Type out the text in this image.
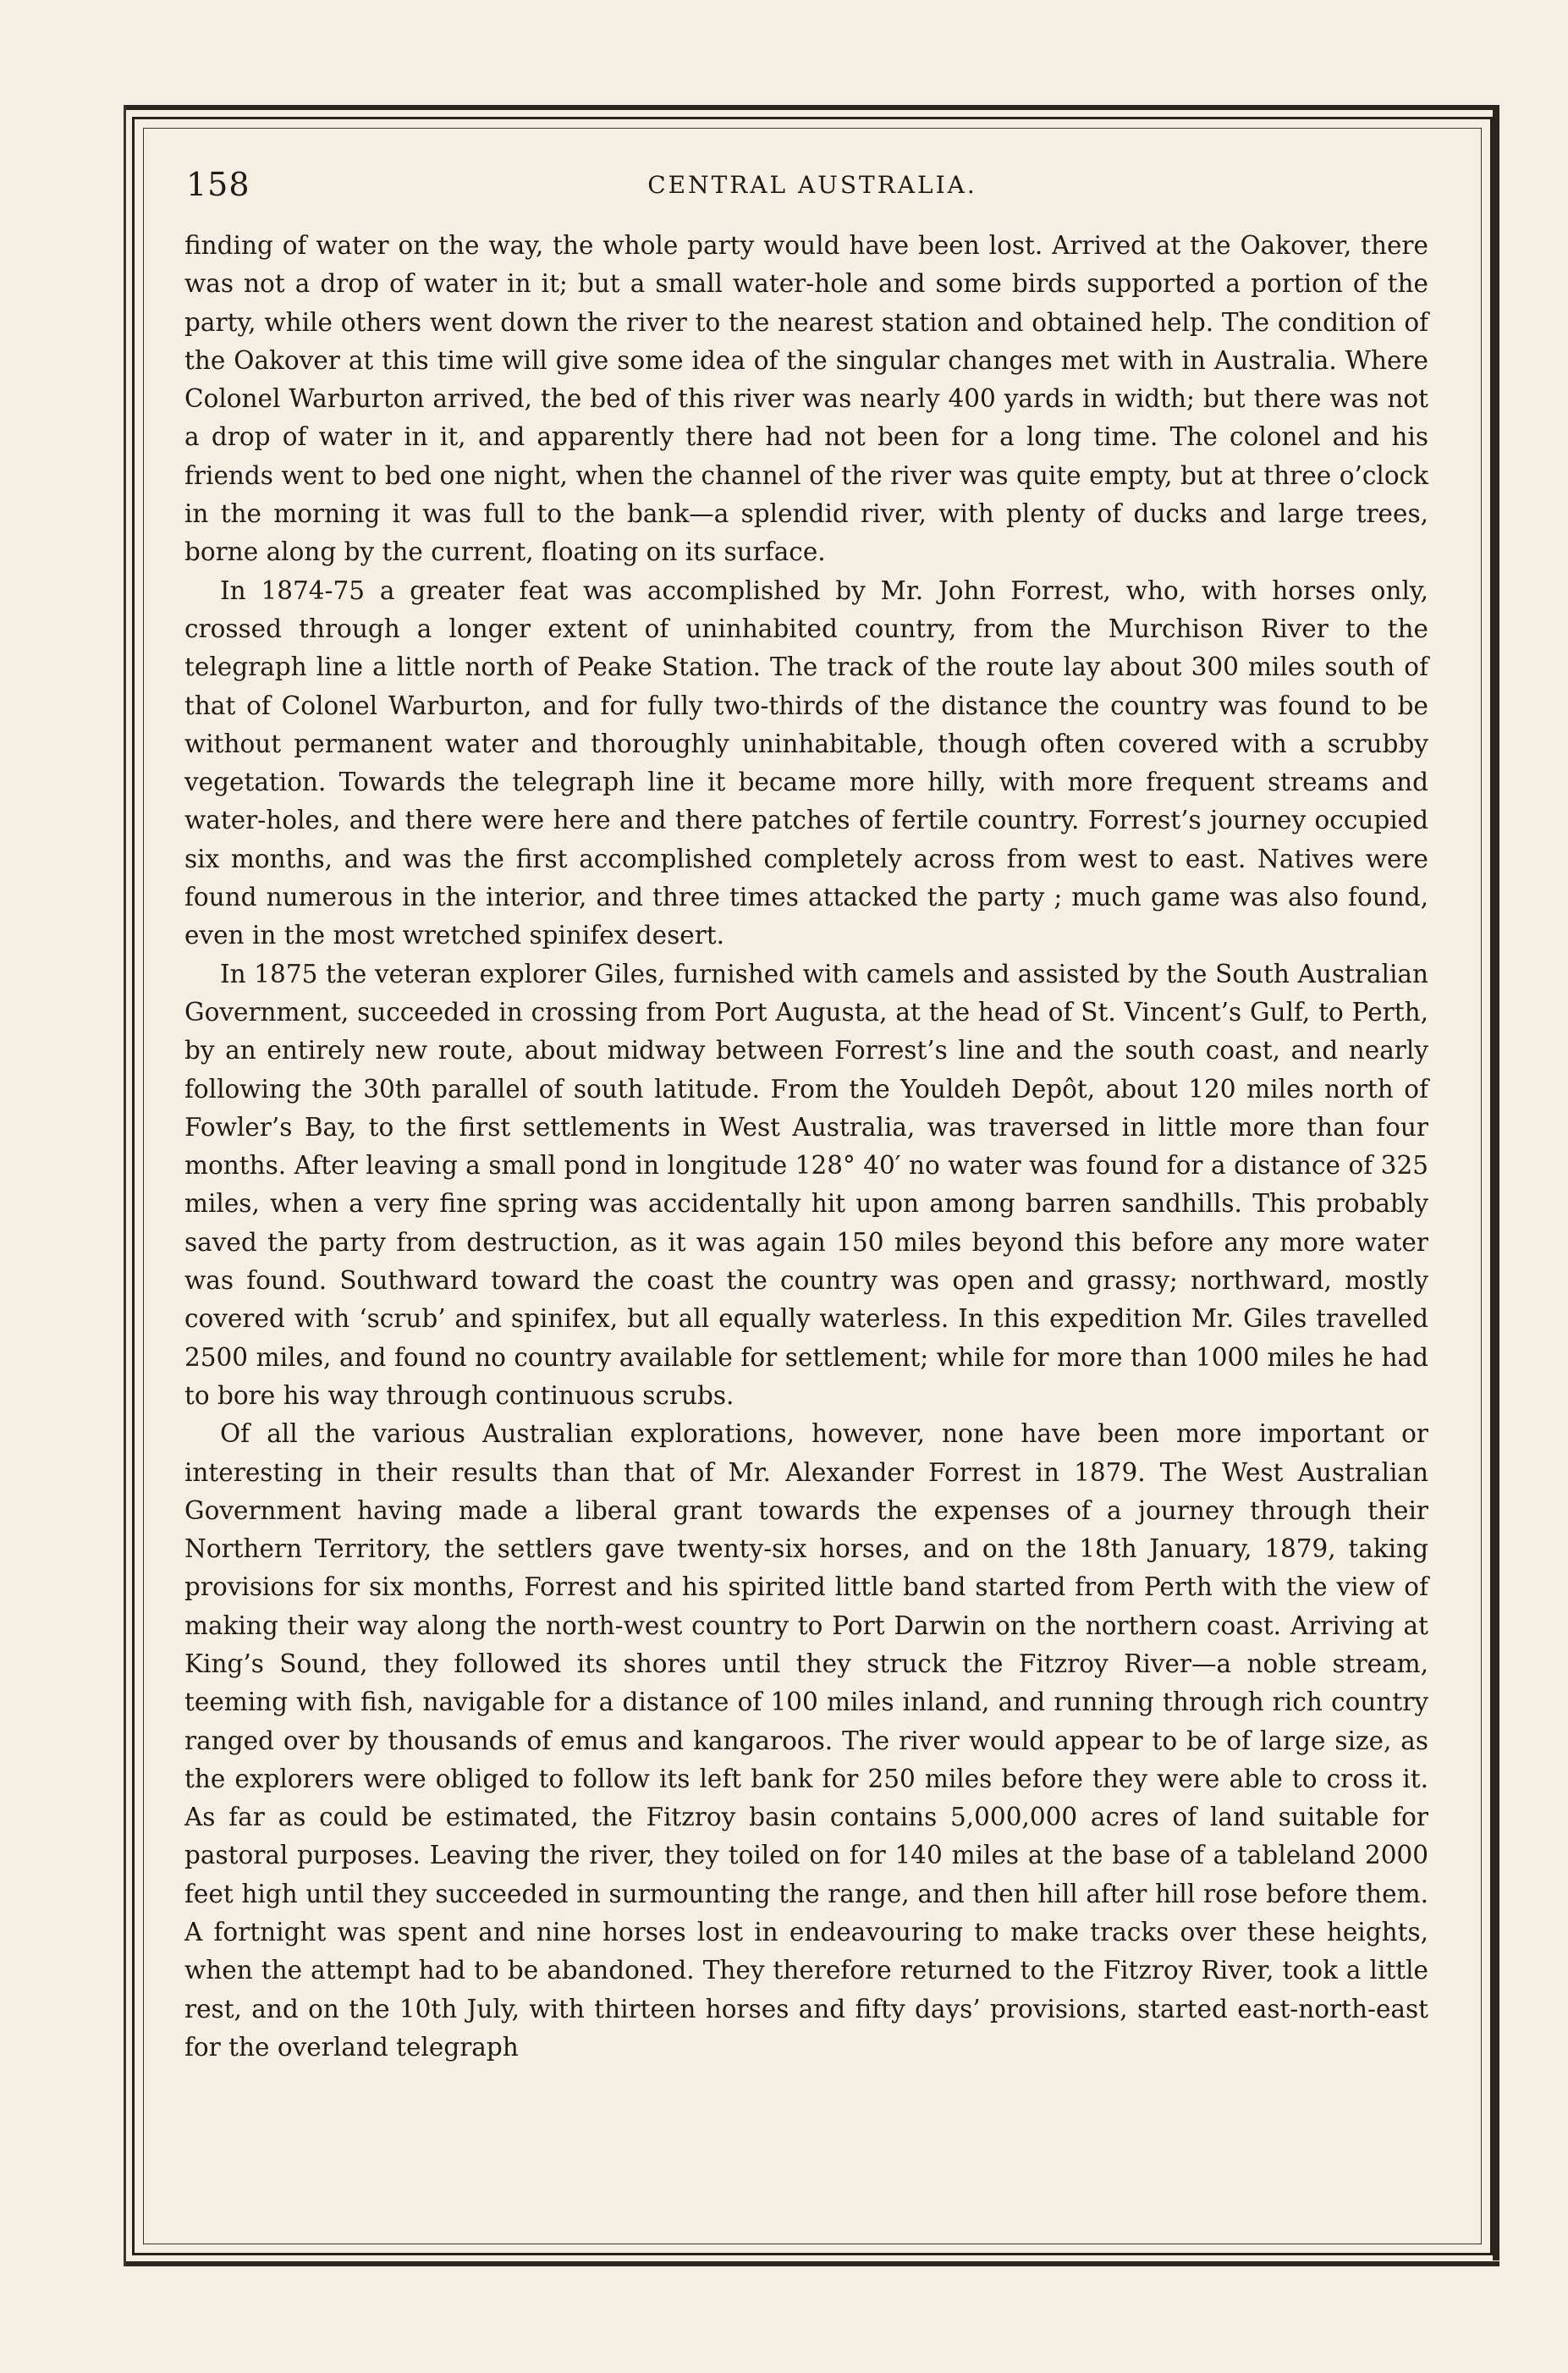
158	CENTRAL AUSTRALIA.

finding of water on the way, the whole party would have been lost. Arrived at the Oakover, there was not a drop of water in it; but a small water-hole and some birds supported a portion of the party, while others went down the river to the nearest station and obtained help. The condition of the Oakover at this time will give some idea of the singular changes met with in Australia. Where Colonel Warburton arrived, the bed of this river was nearly 400 yards in width; but there was not a drop of water in it, and apparently there had not been for a long time. The colonel and his friends went to bed one night, when the channel of the river was quite empty, but at three o’clock in the morning it was full to the bank—a splendid river, with plenty of ducks and large trees, borne along by the current, floating on its surface.

In 1874-75 a greater feat was accomplished by Mr. John Forrest, who, with horses only, crossed through a longer extent of uninhabited country, from the Murchison River to the telegraph line a little north of Peake Station. The track of the route lay about 300 miles south of that of Colonel Warburton, and for fully two-thirds of the distance the country was found to be without permanent water and thoroughly uninhabitable, though often covered with a scrubby vegetation. Towards the telegraph line it became more hilly, with more frequent streams and water-holes, and there were here and there patches of fertile country. Forrest’s journey occupied six months, and was the first accomplished completely across from west to east. Natives were found numerous in the interior, and three times attacked the party ; much game was also found, even in the most wretched spinifex desert.

In 1875 the veteran explorer Giles, furnished with camels and assisted by the South Australian Government, succeeded in crossing from Port Augusta, at the head of St. Vincent’s Gulf, to Perth, by an entirely new route, about midway between Forrest’s line and the south coast, and nearly following the 30th parallel of south latitude. From the Youldeh Depôt, about 120 miles north of Fowler’s Bay, to the first settlements in West Australia, was traversed in little more than four months. After leaving a small pond in longitude 128° 40′ no water was found for a distance of 325 miles, when a very fine spring was accidentally hit upon among barren sandhills. This probably saved the party from destruction, as it was again 150 miles beyond this before any more water was found. Southward toward the coast the country was open and grassy; northward, mostly covered with ‘scrub’ and spinifex, but all equally waterless. In this expedition Mr. Giles travelled 2500 miles, and found no country available for settlement; while for more than 1000 miles he had to bore his way through continuous scrubs.

Of all the various Australian explorations, however, none have been more important or interesting in their results than that of Mr. Alexander Forrest in 1879. The West Australian Government having made a liberal grant towards the expenses of a journey through their Northern Territory, the settlers gave twenty-six horses, and on the 18th January, 1879, taking provisions for six months, Forrest and his spirited little band started from Perth with the view of making their way along the north-west country to Port Darwin on the northern coast. Arriving at King’s Sound, they followed its shores until they struck the Fitzroy River—a noble stream, teeming with fish, navigable for a distance of 100 miles inland, and running through rich country ranged over by thousands of emus and kangaroos. The river would appear to be of large size, as the explorers were obliged to follow its left bank for 250 miles before they were able to cross it. As far as could be estimated, the Fitzroy basin contains 5,000,000 acres of land suitable for pastoral purposes. Leaving the river, they toiled on for 140 miles at the base of a tableland 2000 feet high until they succeeded in surmounting the range, and then hill after hill rose before them. A fortnight was spent and nine horses lost in endeavouring to make tracks over these heights, when the attempt had to be abandoned. They therefore returned to the Fitzroy River, took a little rest, and on the 10th July, with thirteen horses and fifty days’ provisions, started east-north-east for the overland telegraph
